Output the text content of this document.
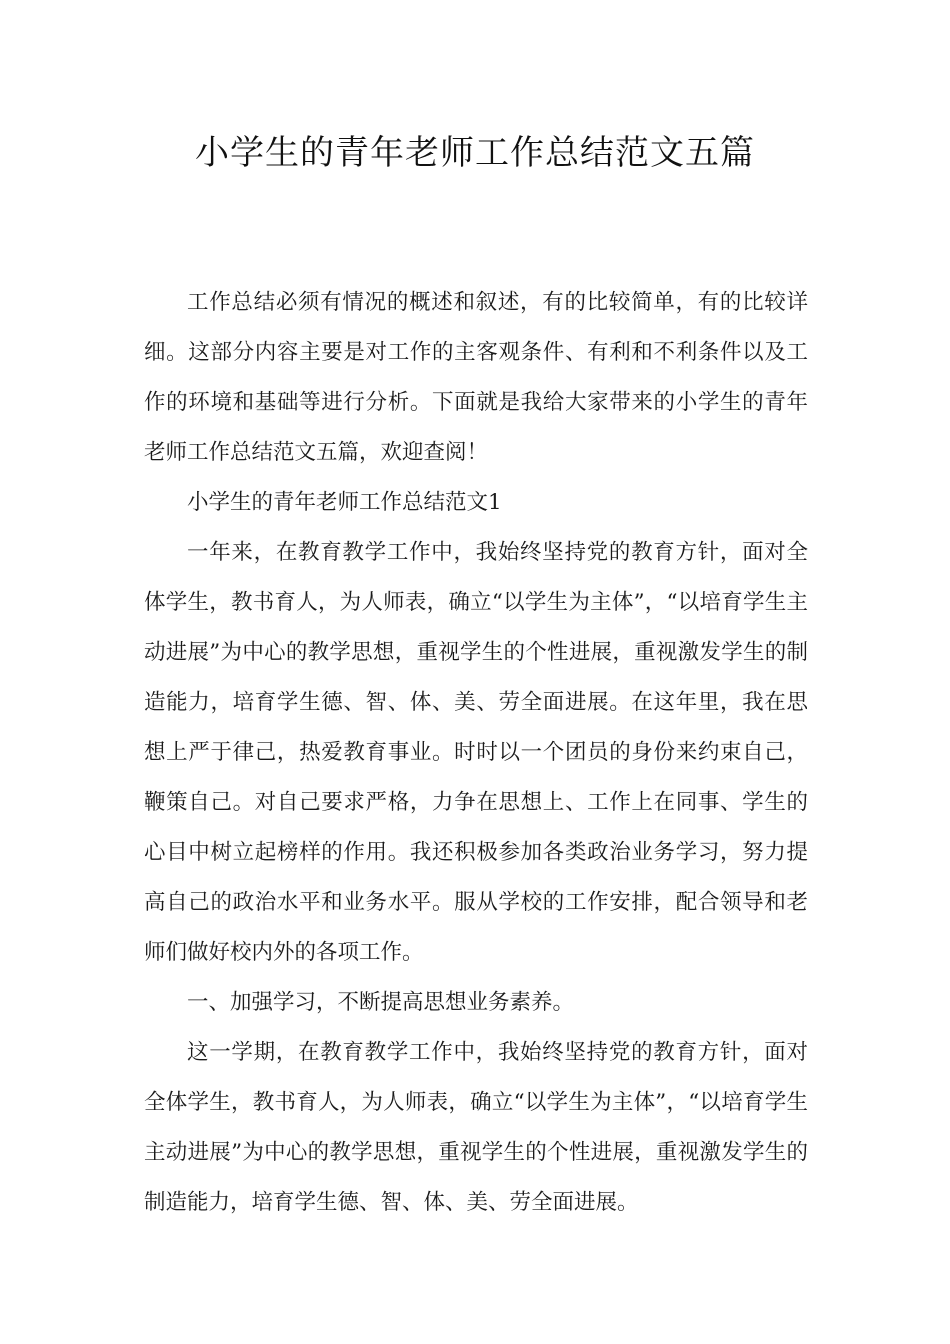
小学生的青年老师工作总结范文五篇

工作总结必须有情况的概述和叙述，有的比较简单，有的比较详细。这部分内容主要是对工作的主客观条件、有利和不利条件以及工作的环境和基础等进行分析。下面就是我给大家带来的小学生的青年老师工作总结范文五篇，欢迎查阅！

小学生的青年老师工作总结范文1

一年来，在教育教学工作中，我始终坚持党的教育方针，面对全体学生，教书育人，为人师表，确立“以学生为主体”，“以培育学生主动进展”为中心的教学思想，重视学生的个性进展，重视激发学生的制造能力，培育学生德、智、体、美、劳全面进展。在这年里，我在思想上严于律己，热爱教育事业。时时以一个团员的身份来约束自己，鞭策自己。对自己要求严格，力争在思想上、工作上在同事、学生的心目中树立起榜样的作用。我还积极参加各类政治业务学习，努力提高自己的政治水平和业务水平。服从学校的工作安排，配合领导和老师们做好校内外的各项工作。

一、加强学习，不断提高思想业务素养。

这一学期，在教育教学工作中，我始终坚持党的教育方针，面对全体学生，教书育人，为人师表，确立“以学生为主体”，“以培育学生主动进展”为中心的教学思想，重视学生的个性进展，重视激发学生的制造能力，培育学生德、智、体、美、劳全面进展。
